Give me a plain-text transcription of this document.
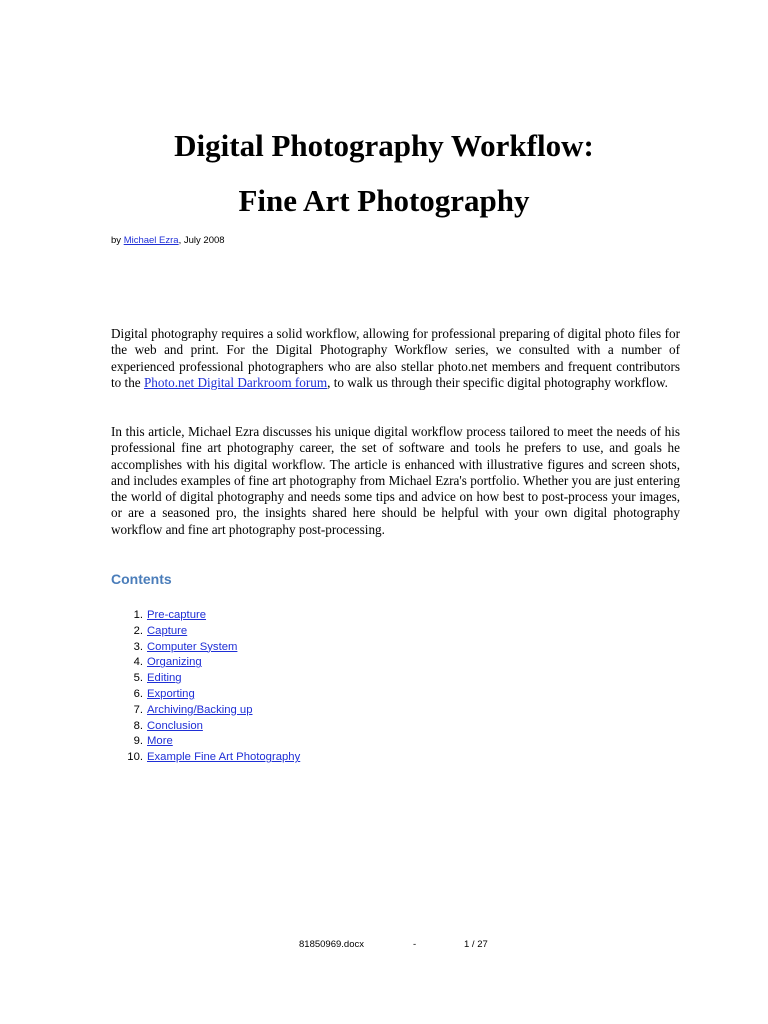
Digital Photography Workflow:
Fine Art Photography
by Michael Ezra, July 2008

Digital photography requires a solid workflow, allowing for professional preparing of digital photo files for the web and print. For the Digital Photography Workflow series, we consulted with a number of experienced professional photographers who are also stellar photo.net members and frequent contributors to the Photo.net Digital Darkroom forum, to walk us through their specific digital photography workflow.

In this article, Michael Ezra discusses his unique digital workflow process tailored to meet the needs of his professional fine art photography career, the set of software and tools he prefers to use, and goals he accomplishes with his digital workflow. The article is enhanced with illustrative figures and screen shots, and includes examples of fine art photography from Michael Ezra's portfolio. Whether you are just entering the world of digital photography and needs some tips and advice on how best to post-process your images, or are a seasoned pro, the insights shared here should be helpful with your own digital photography workflow and fine art photography post-processing.

Contents
1. Pre-capture
2. Capture
3. Computer System
4. Organizing
5. Editing
6. Exporting
7. Archiving/Backing up
8. Conclusion
9. More
10. Example Fine Art Photography
81850969.docx	-	1 / 27
